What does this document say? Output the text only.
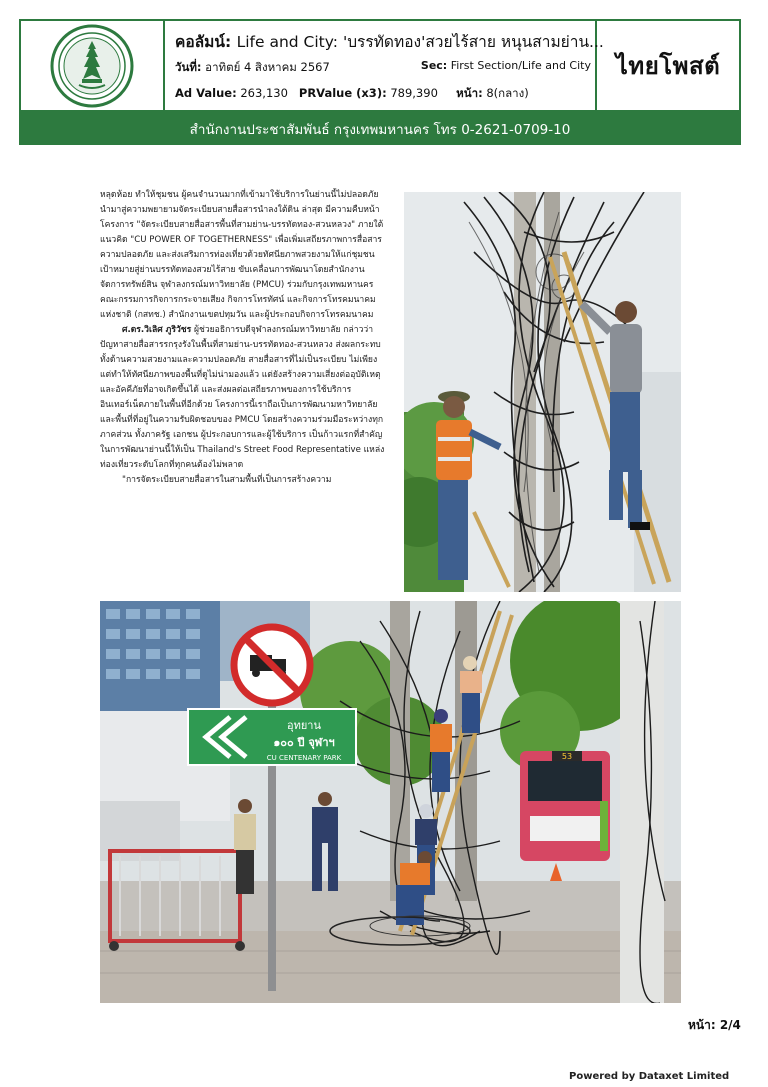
คอลัมน์: Life and City: 'บรรทัดทอง'สวยไร้สาย หนุนสามย่าน...
วันที่: อาทิตย์ 4 สิงหาคม 2567	Sec: First Section/Life and City
Ad Value: 263,130 PRValue (x3): 789,390 หน้า: 8(กลาง)
ไทยโพสต์
สำนักงานประชาสัมพันธ์ กรุงเทพมหานคร โทร 0-2621-0709-10

หลุดห้อย ทำให้ชุมชน ผู้คนจำนวนมากที่เข้ามาใช้บริการในย่านนี้ไม่ปลอดภัย นำมาสู่ความพยายามจัดระเบียบสายสื่อสารนำลงใต้ดิน ล่าสุด มีความคืบหน้าโครงการ "จัดระเบียบสายสื่อสารพื้นที่สามย่าน-บรรทัดทอง-สวนหลวง" ภายใต้แนวคิด "CU POWER OF TOGETHERNESS" เพื่อเพิ่มเสถียรภาพการสื่อสาร ความปลอดภัย และส่งเสริมการท่องเที่ยวด้วยทัศนียภาพสวยงามให้แก่ชุมชน เป้าหมายสู่ย่านบรรทัดทองสวยไร้สาย ขับเคลื่อนการพัฒนาโดยสำนักงานจัดการทรัพย์สิน จุฬาลงกรณ์มหาวิทยาลัย (PMCU) ร่วมกับกรุงเทพมหานคร คณะกรรมการกิจการกระจายเสียง กิจการโทรทัศน์ และกิจการโทรคมนาคมแห่งชาติ (กสทช.) สำนักงานเขตปทุมวัน และผู้ประกอบกิจการโทรคมนาคม

ศ.ดร.วิเลิศ ภูริวัชร ผู้ช่วยอธิการบดีจุฬาลงกรณ์มหาวิทยาลัย กล่าวว่า ปัญหาสายสื่อสารรกรุงรังในพื้นที่สามย่าน-บรรทัดทอง-สวนหลวง ส่งผลกระทบทั้งด้านความสวยงามและความปลอดภัย สายสื่อสารที่ไม่เป็นระเบียบ ไม่เพียงแต่ทำให้ทัศนียภาพของพื้นที่ดูไม่น่ามองแล้ว แต่ยังสร้างความเสี่ยงต่ออุบัติเหตุและอัคคีภัยที่อาจเกิดขึ้นได้ และส่งผลต่อเสถียรภาพของการใช้บริการอินเทอร์เน็ตภายในพื้นที่อีกด้วย โครงการนี้เราถือเป็นการพัฒนามหาวิทยาลัยและพื้นที่ที่อยู่ในความรับผิดชอบของ PMCU โดยสร้างความร่วมมือระหว่างทุกภาคส่วน ทั้งภาครัฐ เอกชน ผู้ประกอบการและผู้ใช้บริการ เป็นก้าวแรกที่สำคัญในการพัฒนาย่านนี้ให้เป็น Thailand's Street Food Representative แหล่งท่องเที่ยวระดับโลกที่ทุกคนต้องไม่พลาด

"การจัดระเบียบสายสื่อสารในสามพื้นที่เป็นการสร้างความ

53
อุทยาน
๑๐๐ ปี จุฬาฯ
CU CENTENARY PARK
หน้า: 2/4
Powered by Dataxet Limited
